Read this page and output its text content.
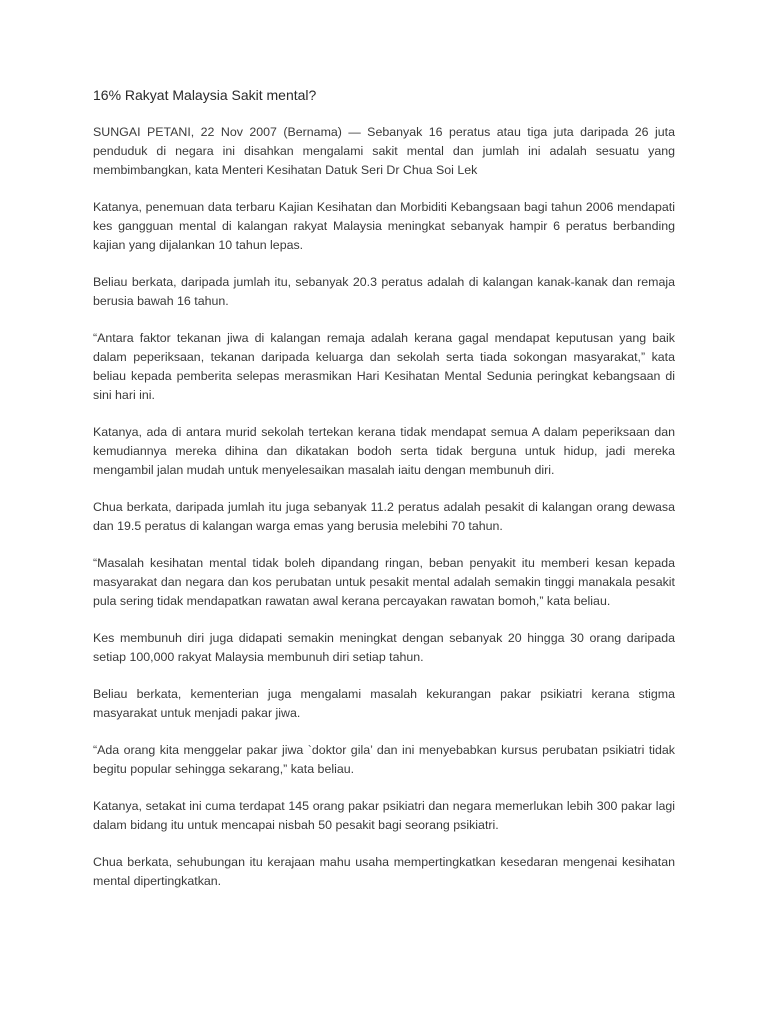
16% Rakyat Malaysia Sakit mental?

SUNGAI PETANI, 22 Nov 2007 (Bernama) — Sebanyak 16 peratus atau tiga juta daripada 26 juta penduduk di negara ini disahkan mengalami sakit mental dan jumlah ini adalah sesuatu yang membimbangkan, kata Menteri Kesihatan Datuk Seri Dr Chua Soi Lek

Katanya, penemuan data terbaru Kajian Kesihatan dan Morbiditi Kebangsaan bagi tahun 2006 mendapati kes gangguan mental di kalangan rakyat Malaysia meningkat sebanyak hampir 6 peratus berbanding kajian yang dijalankan 10 tahun lepas.

Beliau berkata, daripada jumlah itu, sebanyak 20.3 peratus adalah di kalangan kanak-kanak dan remaja berusia bawah 16 tahun.

“Antara faktor tekanan jiwa di kalangan remaja adalah kerana gagal mendapat keputusan yang baik dalam peperiksaan, tekanan daripada keluarga dan sekolah serta tiada sokongan masyarakat,” kata beliau kepada pemberita selepas merasmikan Hari Kesihatan Mental Sedunia peringkat kebangsaan di sini hari ini.

Katanya, ada di antara murid sekolah tertekan kerana tidak mendapat semua A dalam peperiksaan dan kemudiannya mereka dihina dan dikatakan bodoh serta tidak berguna untuk hidup, jadi mereka mengambil jalan mudah untuk menyelesaikan masalah iaitu dengan membunuh diri.

Chua berkata, daripada jumlah itu juga sebanyak 11.2 peratus adalah pesakit di kalangan orang dewasa dan 19.5 peratus di kalangan warga emas yang berusia melebihi 70 tahun.

“Masalah kesihatan mental tidak boleh dipandang ringan, beban penyakit itu memberi kesan kepada masyarakat dan negara dan kos perubatan untuk pesakit mental adalah semakin tinggi manakala pesakit pula sering tidak mendapatkan rawatan awal kerana percayakan rawatan bomoh,” kata beliau.

Kes membunuh diri juga didapati semakin meningkat dengan sebanyak 20 hingga 30 orang daripada setiap 100,000 rakyat Malaysia membunuh diri setiap tahun.

Beliau berkata, kementerian juga mengalami masalah kekurangan pakar psikiatri kerana stigma masyarakat untuk menjadi pakar jiwa.

“Ada orang kita menggelar pakar jiwa `doktor gila’ dan ini menyebabkan kursus perubatan psikiatri tidak begitu popular sehingga sekarang,” kata beliau.

Katanya, setakat ini cuma terdapat 145 orang pakar psikiatri dan negara memerlukan lebih 300 pakar lagi dalam bidang itu untuk mencapai nisbah 50 pesakit bagi seorang psikiatri.

Chua berkata, sehubungan itu kerajaan mahu usaha mempertingkatkan kesedaran mengenai kesihatan mental dipertingkatkan.
